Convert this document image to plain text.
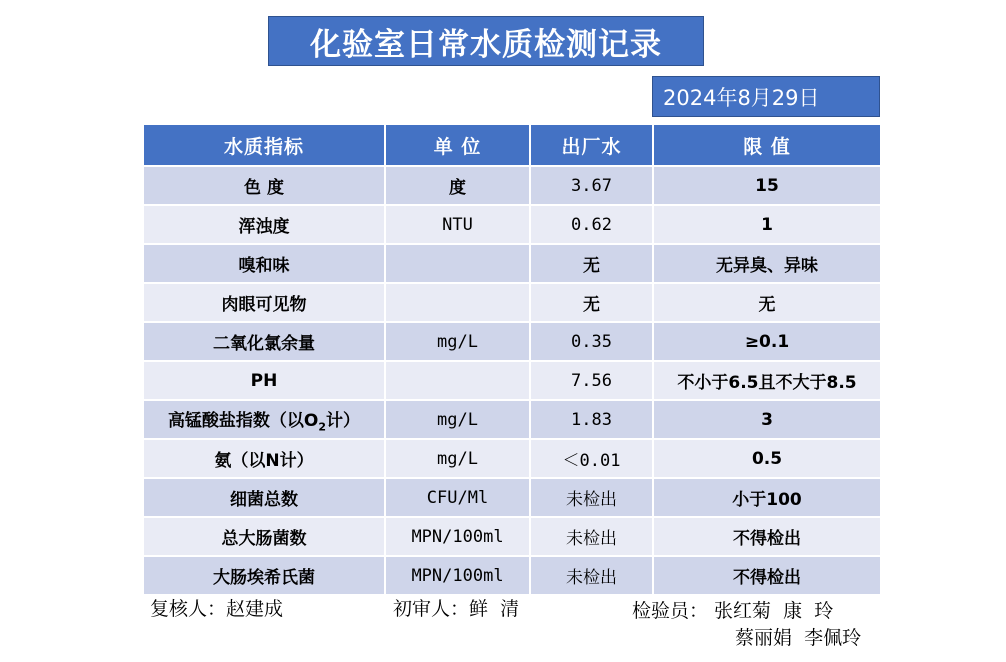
化验室日常水质检测记录
2024年8月29日
水质指标	单 位	出厂水	限 值
色 度	度	3.67	15
浑浊度	NTU	0.62	1
嗅和味		无	无异臭、异味
肉眼可见物		无	无
二氧化氯余量	mg/L	0.35	≥0.1
PH		7.56	不小于6.5且不大于8.5
高锰酸盐指数（以$O_2$计）	mg/L	1.83	3
氨（以N计）	mg/L	＜0.01	0.5
细菌总数	CFU/Ml	未检出	小于100
总大肠菌数	MPN/100ml	未检出	不得检出
大肠埃希氏菌	MPN/100ml	未检出	不得检出
复核人：赵建成	初审人：鲜  清	检验员： 张红菊  康  玲
蔡丽娟  李佩玲
